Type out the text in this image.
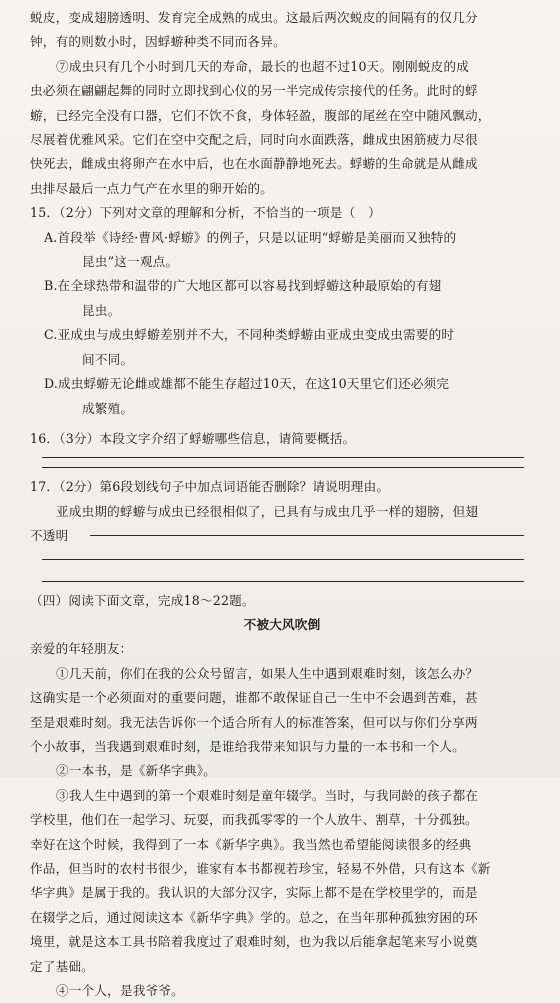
蜕皮，变成翅膀透明、发育完全成熟的成虫。这最后两次蜕皮的间隔有的仅几分
钟，有的则数小时，因蜉蝣种类不同而各异。
⑦成虫只有几个小时到几天的寿命，最长的也超不过10天。刚刚蜕皮的成
虫必须在翩翩起舞的同时立即找到心仪的另一半完成传宗接代的任务。此时的蜉
蝣，已经完全没有口器，它们不饮不食，身体轻盈，腹部的尾丝在空中随风飘动，
尽展着优雅风采。它们在空中交配之后，同时向水面跌落，雌成虫困筋疲力尽很
快死去，雌成虫将卵产在水中后，也在水面静静地死去。蜉蝣的生命就是从雌成
虫排尽最后一点力气产在水里的卵开始的。
15．（2分）下列对文章的理解和分析，不恰当的一项是（　）
A.首段举《诗经·曹风·蜉蝣》的例子，只是以证明“蜉蝣是美丽而又独特的
昆虫”这一观点。
B.在全球热带和温带的广大地区都可以容易找到蜉蝣这种最原始的有翅
昆虫。
C.亚成虫与成虫蜉蝣差别并不大，不同种类蜉蝣由亚成虫变成虫需要的时
间不同。
D.成虫蜉蝣无论雌或雄都不能生存超过10天，在这10天里它们还必须完
成繁殖。
16．（3分）本段文字介绍了蜉蝣哪些信息，请简要概括。
17．（2分）第6段划线句子中加点词语能否删除？请说明理由。
亚成虫期的蜉蝣与成虫已经很相似了，已具有与成虫几乎一样的翅膀，但翅
不透明
（四）阅读下面文章，完成18～22题。
不被大风吹倒
亲爱的年轻朋友：
①几天前，你们在我的公众号留言，如果人生中遇到艰难时刻，该怎么办？
这确实是一个必须面对的重要问题，谁都不敢保证自己一生中不会遇到苦难，甚
至是艰难时刻。我无法告诉你一个适合所有人的标准答案，但可以与你们分享两
个小故事，当我遇到艰难时刻，是谁给我带来知识与力量的一本书和一个人。
②一本书，是《新华字典》。
③我人生中遇到的第一个艰难时刻是童年辍学。当时，与我同龄的孩子都在
学校里，他们在一起学习、玩耍，而我孤零零的一个人放牛、割草，十分孤独。
幸好在这个时候，我得到了一本《新华字典》。我当然也希望能阅读很多的经典
作品，但当时的农村书很少，谁家有本书都视若珍宝，轻易不外借，只有这本《新
华字典》是属于我的。我认识的大部分汉字，实际上都不是在学校里学的，而是
在辍学之后，通过阅读这本《新华字典》学的。总之，在当年那种孤独穷困的环
境里，就是这本工具书陪着我度过了艰难时刻，也为我以后能拿起笔来写小说奠
定了基础。
④一个人，是我爷爷。
